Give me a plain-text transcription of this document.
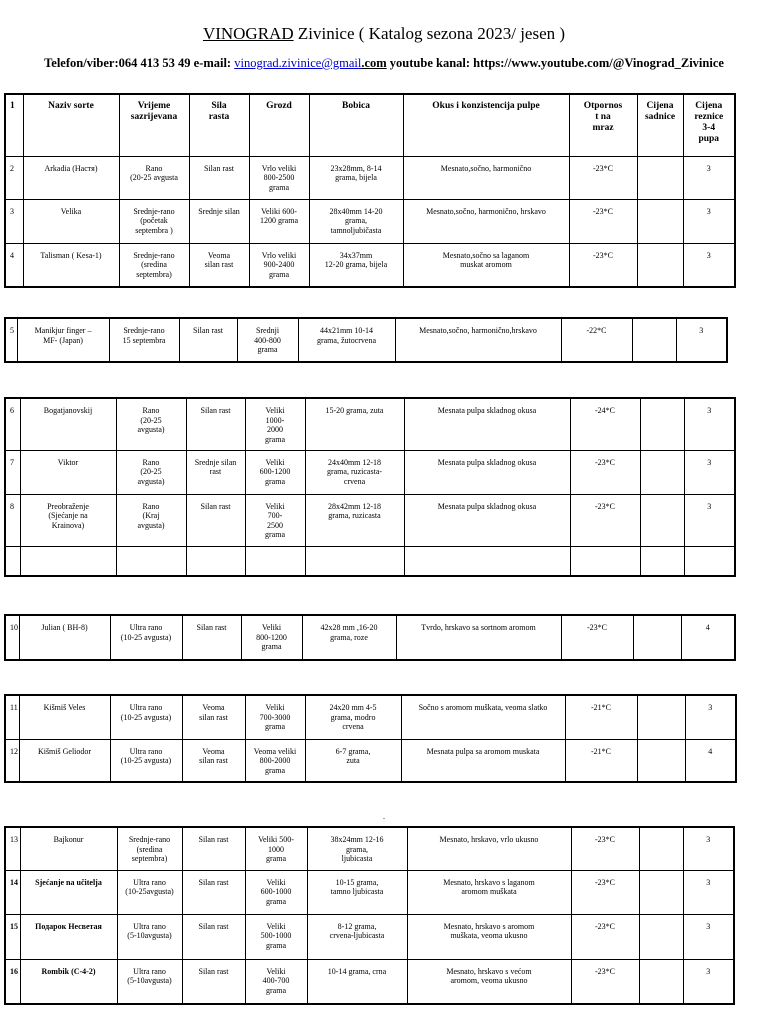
VINOGRAD Zivinice ( Katalog sezona 2023/ jesen )
Telefon/viber:064 413 53 49 e-mail: vinograd.zivinice@gmail.com youtube kanal: https://www.youtube.com/@Vinograd_Zivinice
.
1	Naziv sorte	Vrijeme
sazrijevana	Sila
rasta	Grozd	Bobica	Okus i konzistencija pulpe	Otpornos
t na
mraz	Cijena
sadnice	Cijena
reznice
3-4
pupa
2	Arkadia (Настя)	Rano
(20-25 avgusta	Silan rast	Vrlo veliki
800-2500
grama	23x28mm, 8-14
grama, bijela	Mesnato,sočno, harmonično	-23*C		3
3	Velika	Srednje-rano
(početak
septembra )	Srednje silan	Veliki 600-
1200 grama	28x40mm 14-20
grama,
tamnoljubičasta	Mesnato,sočno, harmonično, hrskavo	-23*C		3
4	Talisman ( Kesa-1)	Srednje-rano
(sredina
septembra)	Veoma
silan rast	Vrlo veliki
900-2400
grama	34x37mm
12-20 grama, bijela	Mesnato,sočno sa laganom
muskat aromom	-23*C		3
5	Manikjur finger –
MF- (Japan)	Srednje-rano
15 septembra	Silan rast	Srednji
400-800
grama	44x21mm 10-14
grama, žutocrvena	Mesnato,sočno, harmonično,hrskavo	-22*C		3
6	Bogatjanovskij	Rano
(20-25
avgusta)	Silan rast	Veliki
1000-
2000
grama	15-20 grama, zuta	Mesnata pulpa skladnog okusa	-24*C		3
7	Viktor	Rano
(20-25
avgusta)	Srednje silan
rast	Veliki
600-1200
grama	24x40mm 12-18
grama, ruzicasta-
crvena	Mesnata pulpa skladnog okusa	-23*C		3
8	Preobraženje
(Sjećanje na
Krainova)	Rano
(Kraj
avgusta)	Silan rast	Veliki
700-
2500
grama	28x42mm 12-18
grama, ruzicasta	Mesnata pulpa skladnog okusa	-23*C		3

10	Julian ( BH-8)	Ultra rano
(10-25 avgusta)	Silan rast	Veliki
800-1200
grama	42x28 mm ,16-20
grama, roze	Tvrdo, hrskavo sa sortnom aromom	-23*C		4
11	Kišmiš Veles	Ultra rano
(10-25 avgusta)	Veoma
silan rast	Veliki
700-3000
grama	24x20 mm 4-5
grama, modro
crvena	Sočno s aromom muškata, veoma slatko	-21*C		3
12	Kišmiš Geliodor	Ultra rano
(10-25 avgusta)	Veoma
silan rast	Veoma veliki
800-2000
grama	6-7 grama,
zuta	Mesnata pulpa sa aromom muskata	-21*C		4
13	Bajkonur	Srednje-rano
(sredina
septembra)	Silan rast	Veliki 500-
1000
grama	38x24mm 12-16
grama,
ljubicasta	Mesnato, hrskavo, vrlo ukusno	-23*C		3
14	Sjećanje na učitelja	Ultra rano
(10-25avgusta)	Silan rast	Veliki
600-1000
grama	10-15 grama,
tamno ljubicasta	Mesnato, hrskavo s laganom
aromom muškata	-23*C		3
15	Подарок Несветая	Ultra rano
(5-10avgusta)	Silan rast	Veliki
500-1000
grama	8-12 grama,
crvena-ljubicasta	Mesnato, hrskavo s aromom
muškata, veoma ukusno	-23*C		3
16	Rombik (C-4-2)	Ultra rano
(5-10avgusta)	Silan rast	Veliki
400-700
grama	10-14 grama, crna	Mesnato, hrskavo s većom
aromom, veoma ukusno	-23*C		3
